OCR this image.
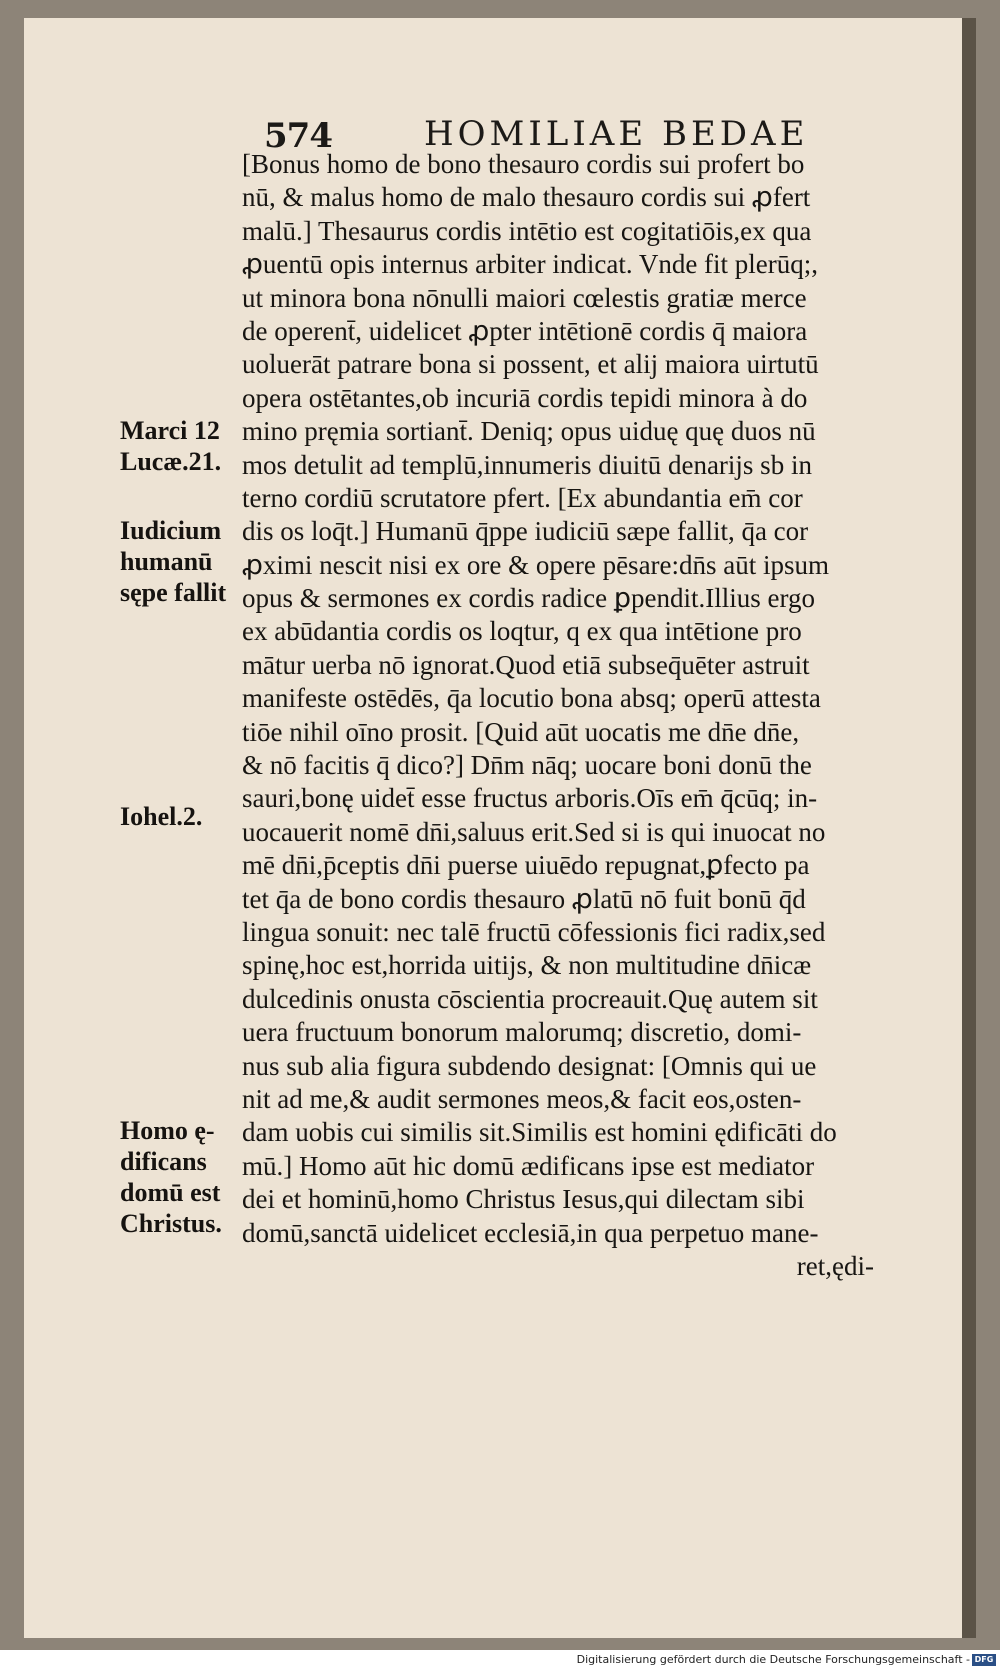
574	HOMILIAE BEDAE
[Bonus homo de bono thesauro cordis sui profert bo
nū, & malus homo de malo thesauro cordis sui ꝓfert
malū.] Thesaurus cordis intētio est cogitatiōis,ex qua
ꝓuentū opis internus arbiter indicat. Vnde fit plerūq;,
ut minora bona nōnulli maiori cœlestis gratiæ merce
de operent̄, uidelicet ꝓpter intētionē cordis q̄ maiora
uoluerāt patrare bona si possent, et alij maiora uirtutū
opera ostētantes,ob incuriā cordis tepidi minora à do
mino pręmia sortiant̄. Deniq; opus uiduę quę duos nū
mos detulit ad templū,innumeris diuitū denarijs sb in
terno cordiū scrutatore pfert. [Ex abundantia em̄ cor
dis os loq̄t.] Humanū q̄ppe iudiciū sæpe fallit, q̄a cor
ꝓximi nescit nisi ex ore & opere pēsare:dn̄s aūt ipsum
opus & sermones ex cordis radice ꝑpendit.Illius ergo
ex abūdantia cordis os loqtur, q ex qua intētione pro
mātur uerba nō ignorat.Quod etiā subseq̄uēter astruit
manifeste ostēdēs, q̄a locutio bona absq; operū attesta
tiōe nihil oīno prosit. [Quid aūt uocatis me dn̄e dn̄e,
& nō facitis q̄ dico?] Dn̄m nāq; uocare boni donū the
sauri,bonę uidet̄ esse fructus arboris.Oīs em̄ q̄cūq; in-
uocauerit nomē dn̄i,saluus erit.Sed si is qui inuocat no
mē dn̄i,p̄ceptis dn̄i puerse uiuēdo repugnat,ꝑfecto pa
tet q̄a de bono cordis thesauro ꝓlatū nō fuit bonū q̄d
lingua sonuit: nec talē fructū cōfessionis fici radix,sed
spinę,hoc est,horrida uitijs, & non multitudine dn̄icæ
dulcedinis onusta cōscientia procreauit.Quę autem sit
uera fructuum bonorum malorumq; discretio, domi-
nus sub alia figura subdendo designat: [Omnis qui ue
nit ad me,& audit sermones meos,& facit eos,osten-
dam uobis cui similis sit.Similis est homini ędificāti do
mū.] Homo aūt hic domū ædificans ipse est mediator
dei et hominū,homo Christus Iesus,qui dilectam sibi
domū,sanctā uidelicet ecclesiā,in qua perpetuo mane-
ret,ędi-
Marci 12
Lucæ.21.
Iudicium
humanū
sępe fallit
Iohel.2.
Homo ę-
dificans
domū est
Christus.
Digitalisierung gefördert durch die Deutsche Forschungsgemeinschaft - DFG
